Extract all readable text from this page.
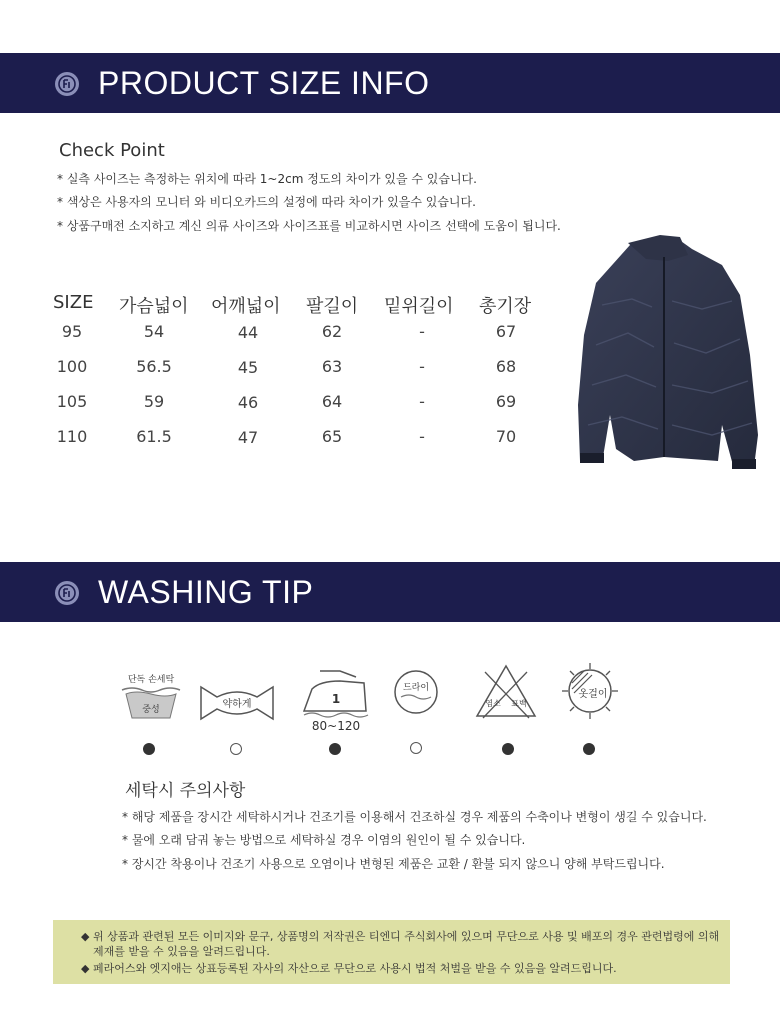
PRODUCT SIZE INFO
Check Point
* 실측 사이즈는 측정하는 위치에 따라 1~2cm 정도의 차이가 있을 수 있습니다.
* 색상은 사용자의 모니터 와 비디오카드의 설정에 따라 차이가 있을수 있습니다.
* 상품구매전 소지하고 계신 의류 사이즈와 사이즈표를 비교하시면 사이즈 선택에 도움이 됩니다.
SIZE 가슴넓이 어깨넓이 팔길이 밑위길이 총기장
95	54	44	62	-	67
100	56.5	45	63	-	68
105	59	46	64	-	69
110	61.5	47	65	-	70
WASHING TIP
단독 손세탁
중성	약하게	1
80~120
드라이
염소 표백
옷걸이
세탁시 주의사항
* 해당 제품을 장시간 세탁하시거나 건조기를 이용해서 건조하실 경우 제품의 수축이나 변형이 생길 수 있습니다.
* 물에 오래 담궈 놓는 방법으로 세탁하실 경우 이염의 원인이 될 수 있습니다.
* 장시간 착용이나 건조기 사용으로 오염이나 변형된 제품은 교환 / 환불 되지 않으니 양해 부탁드립니다.
◆ 위 상품과 관련된 모든 이미지와 문구, 상품명의 저작권은 티엔디 주식회사에 있으며 무단으로 사용 및 배포의 경우 관련법령에 의해
제재를 받을 수 있음을 알려드립니다.
◆ 페라어스와 엣지애는 상표등록된 자사의 자산으로 무단으로 사용시 법적 처벌을 받을 수 있음을 알려드립니다.
